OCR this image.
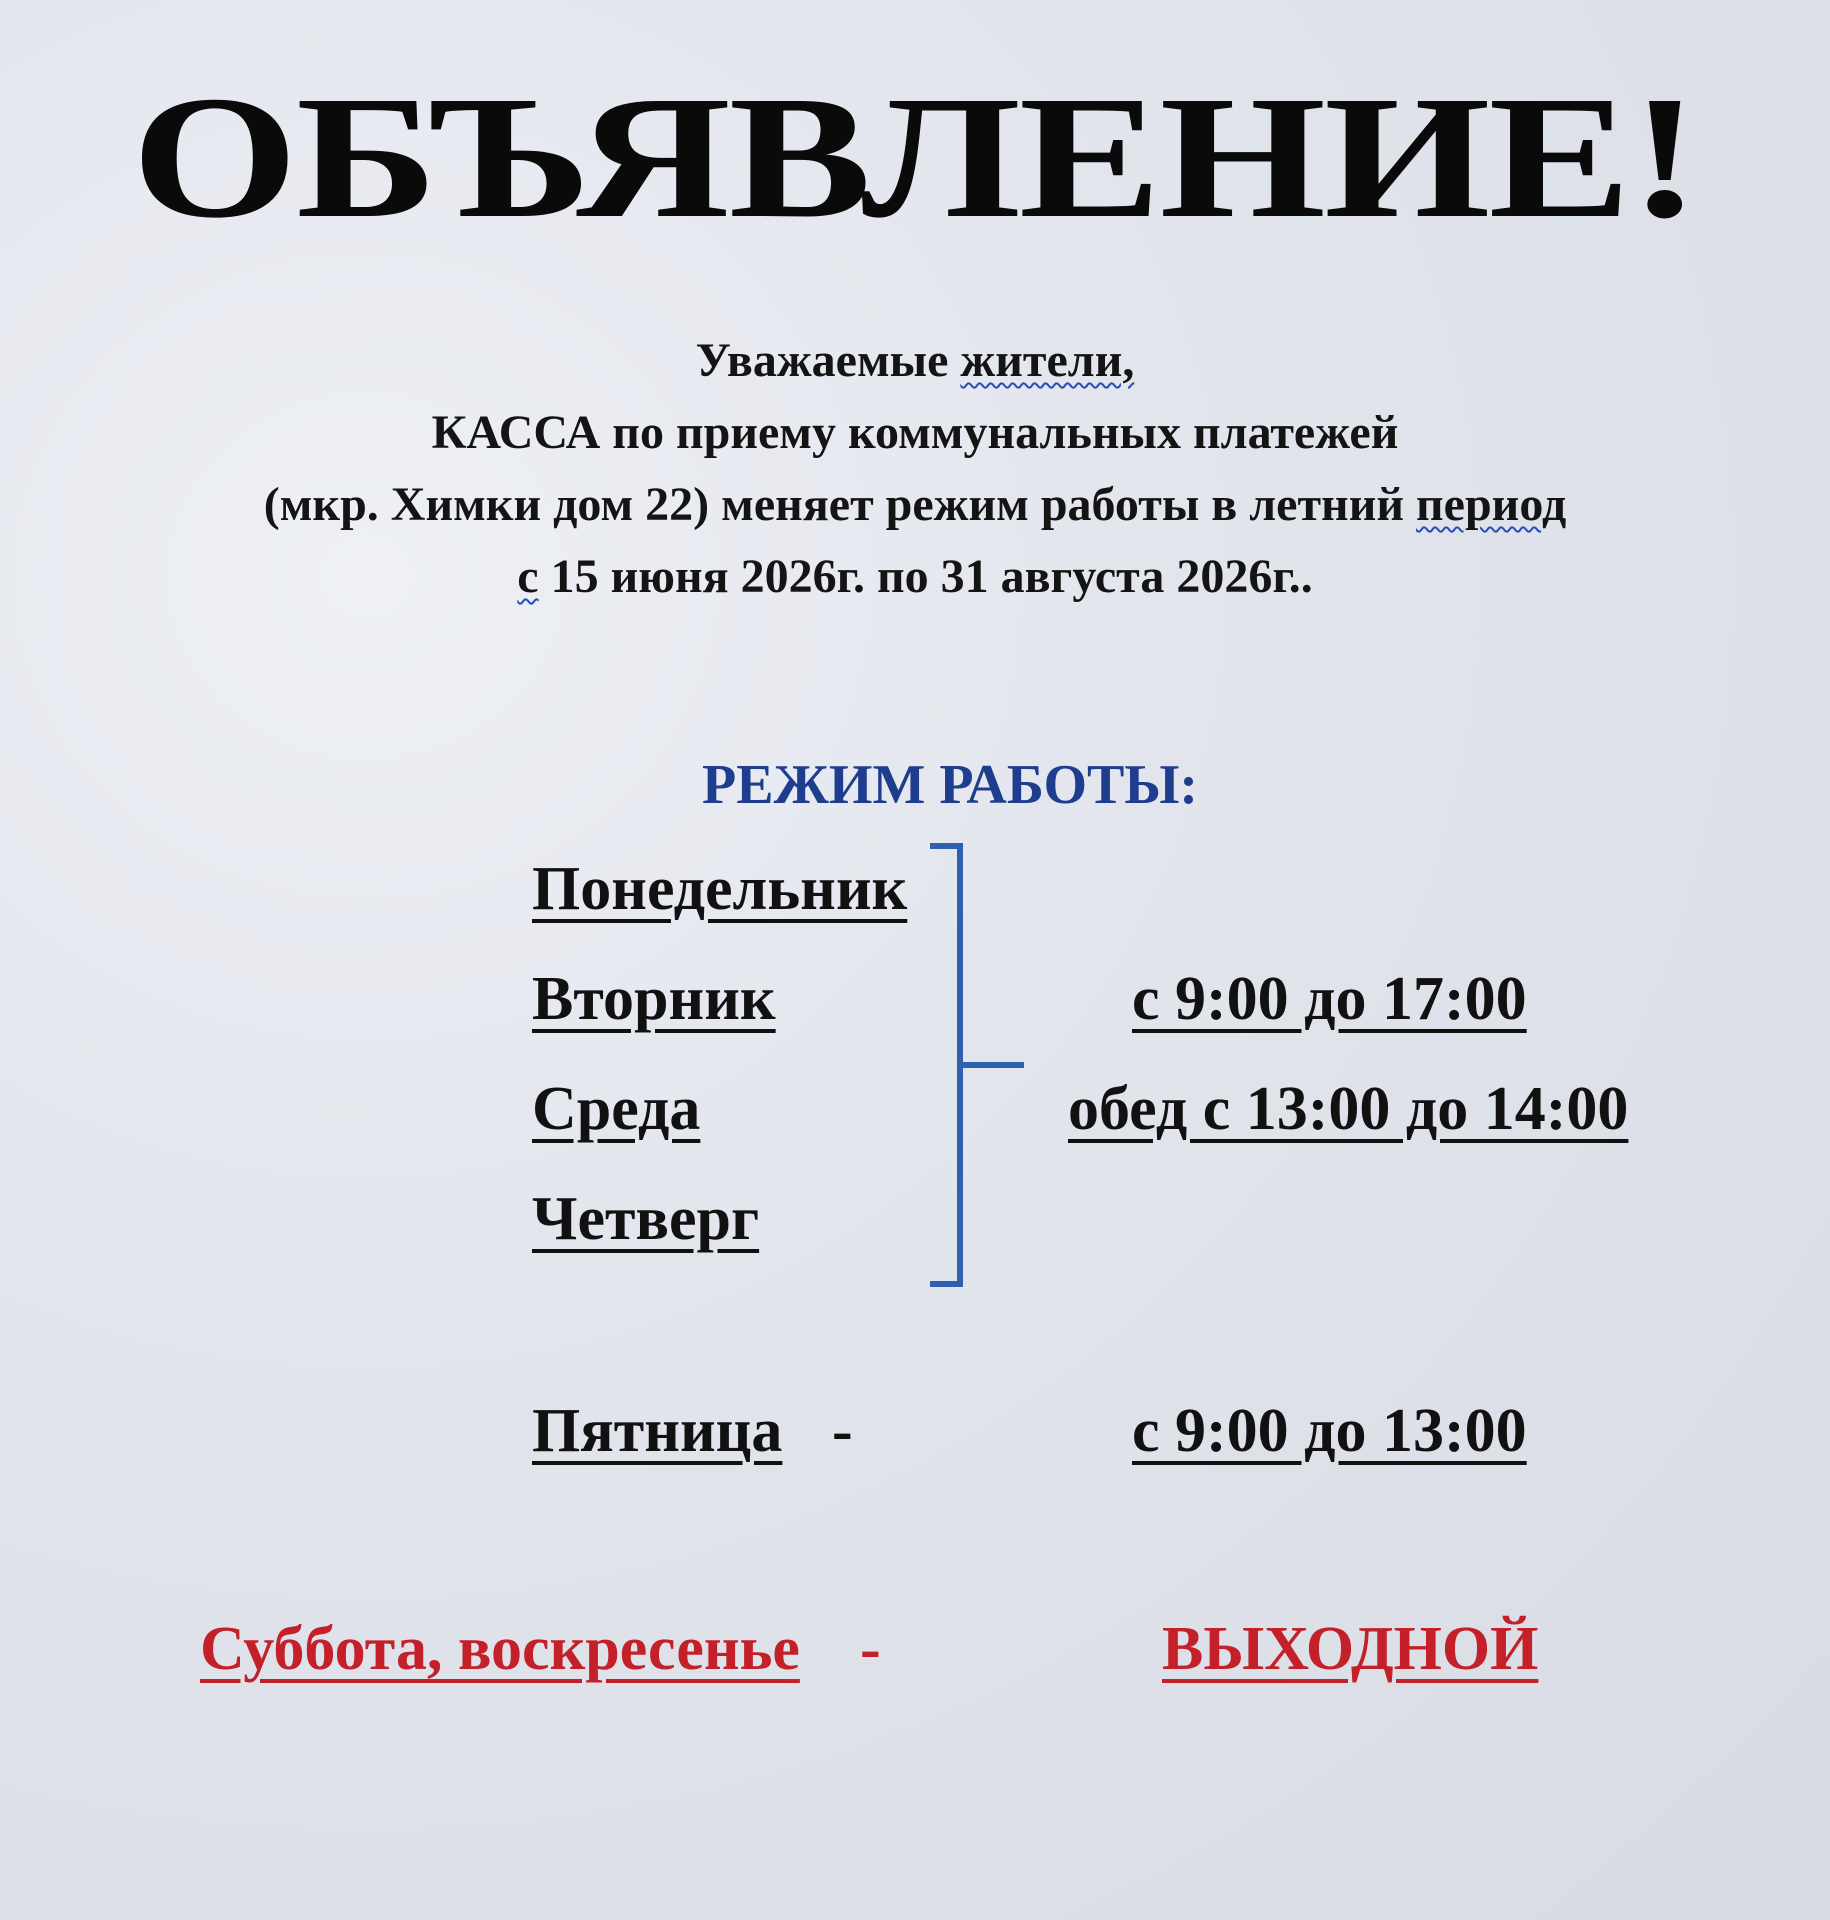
ОБЪЯВЛЕНИЕ!
Уважаемые жители,
КАССА по приему коммунальных платежей
(мкр. Химки дом 22) меняет режим работы в летний период
с 15 июня 2026г. по 31 августа 2026г..
РЕЖИМ РАБОТЫ:
Понедельник
Вторник
Среда
Четверг
с 9:00 до 17:00
обед с 13:00 до 14:00
Пятница -	с 9:00 до 13:00
Суббота, воскресенье -	ВЫХОДНОЙ
